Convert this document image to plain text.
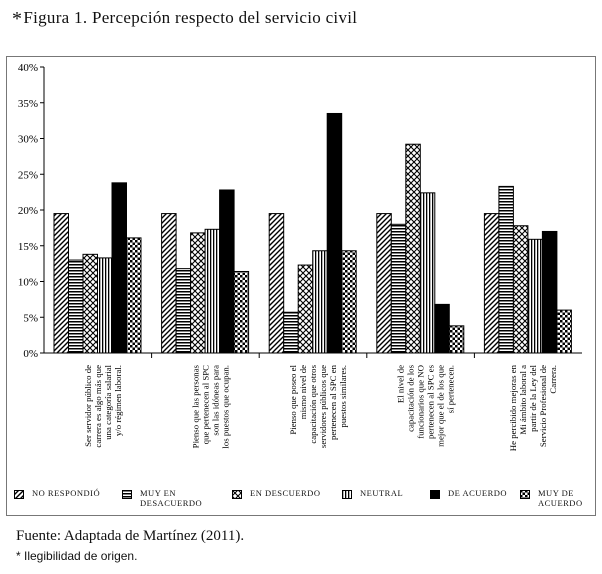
*Figura 1. Percepción respecto del servicio civil
0%
5%
10%
15%
20%
25%
30%
35%
40%
Ser servidor público decarrera es algo más queuna categoría salarialy/o régimen laboral.	Pienso que las personasque pertenecen al SPCson las idóneas paralos puestos que ocupan.	Pienso que poseo elmismo nivel decapacitación que otrosservidores públicos quepertenecen al SPC enpuestos similares.	El nivel decapacitación de losfuncionarios que NOpertenecen al SPC esmejor que el de los quesí pertenecen.	He percibido mejoras enMi ámbito laboral apartir de la Ley delServicio Profesional deCarrera.
NO RESPONDIÓ	MUY EN DESACUERDO
EN DESCUERDO	NEUTRAL	DE ACUERDO	MUY DE ACUERDO
Fuente: Adaptada de Martínez (2011).
* Ilegibilidad de origen.
